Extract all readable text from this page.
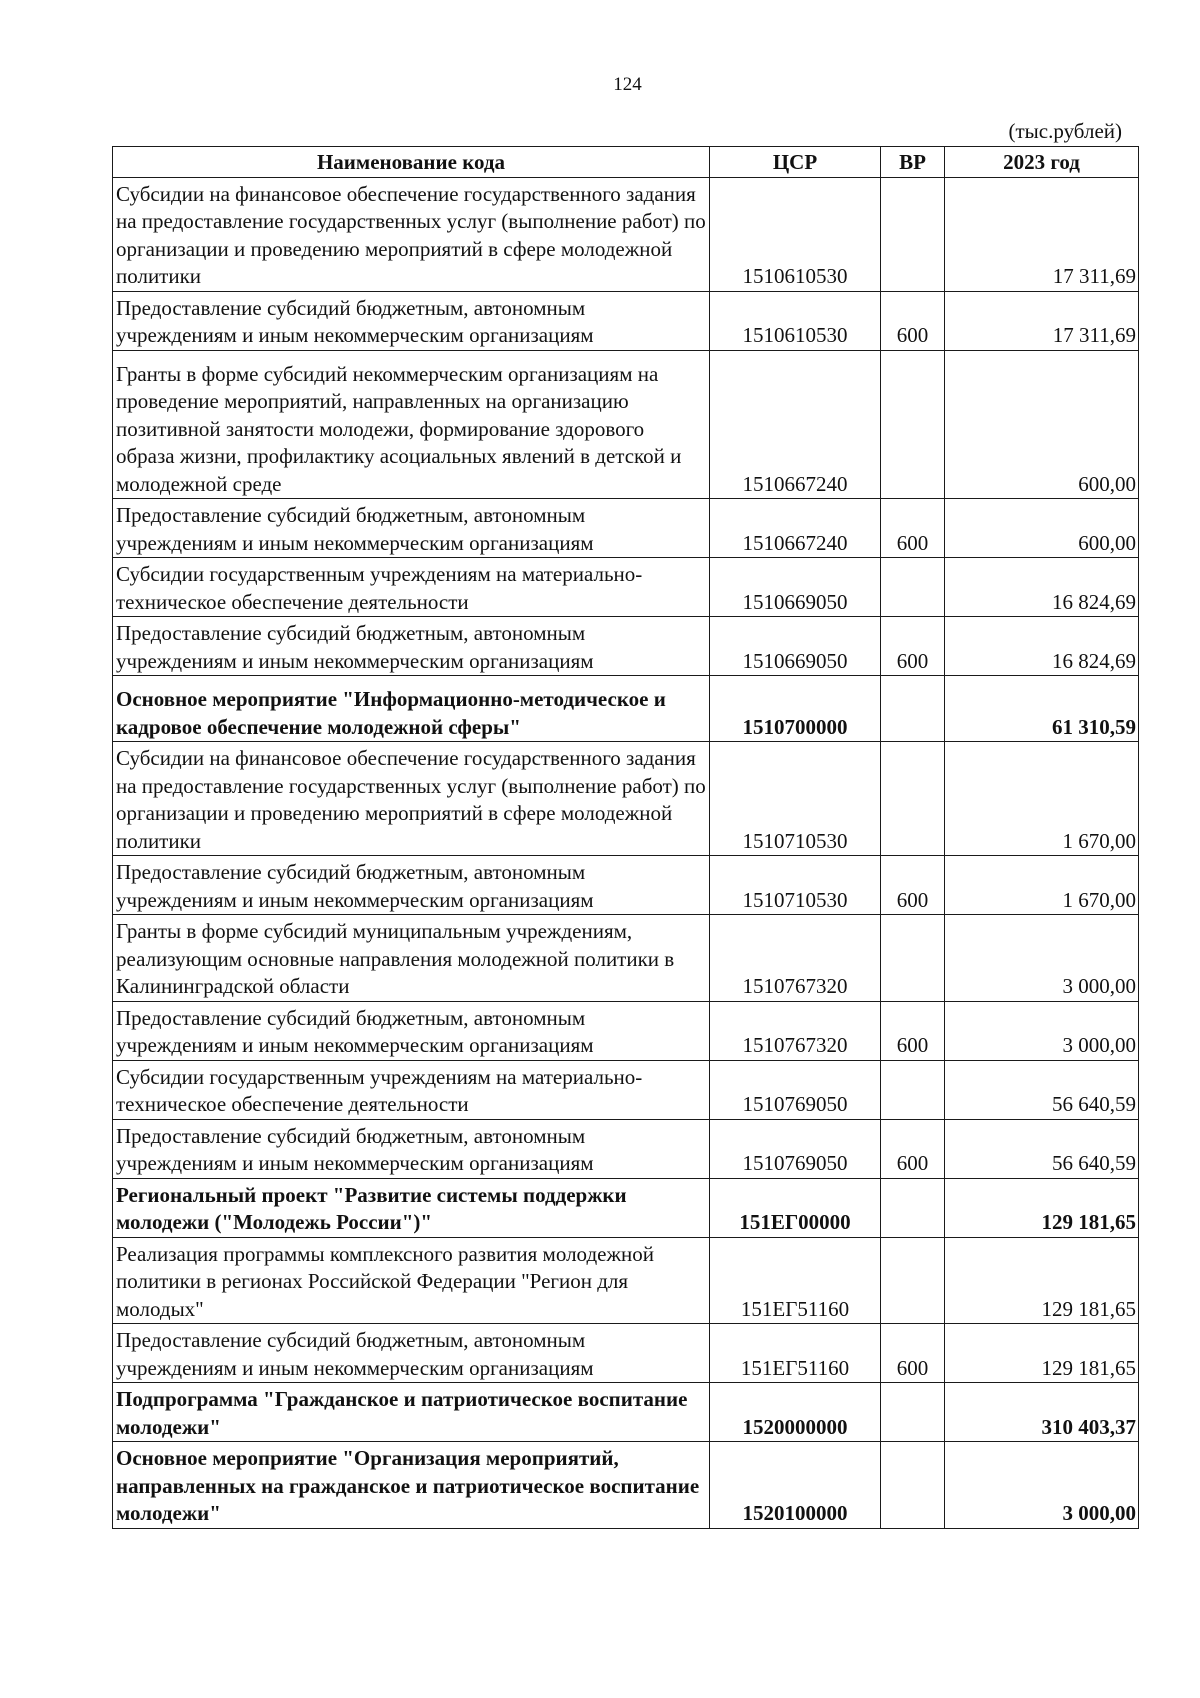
124
(тыс.рублей)
Наименование кода	ЦСР	ВР	2023 год
Субсидии на финансовое обеспечение государственного задания на предоставление государственных услуг (выполнение работ) по организации и проведению мероприятий в сфере молодежной политики	1510610530		17 311,69
Предоставление субсидий бюджетным, автономным учреждениям и иным некоммерческим организациям	1510610530	600	17 311,69
Гранты в форме субсидий некоммерческим организациям на проведение мероприятий, направленных на организацию позитивной занятости молодежи, формирование здорового образа жизни, профилактику асоциальных явлений в детской и молодежной среде	1510667240		600,00
Предоставление субсидий бюджетным, автономным учреждениям и иным некоммерческим организациям	1510667240	600	600,00
Субсидии государственным учреждениям на материально-техническое обеспечение деятельности	1510669050		16 824,69
Предоставление субсидий бюджетным, автономным учреждениям и иным некоммерческим организациям	1510669050	600	16 824,69
Основное мероприятие "Информационно-методическое и кадровое обеспечение молодежной сферы"	1510700000		61 310,59
Субсидии на финансовое обеспечение государственного задания на предоставление государственных услуг (выполнение работ) по организации и проведению мероприятий в сфере молодежной политики	1510710530		1 670,00
Предоставление субсидий бюджетным, автономным учреждениям и иным некоммерческим организациям	1510710530	600	1 670,00
Гранты в форме субсидий муниципальным учреждениям, реализующим основные направления молодежной политики в Калининградской области	1510767320		3 000,00
Предоставление субсидий бюджетным, автономным учреждениям и иным некоммерческим организациям	1510767320	600	3 000,00
Субсидии государственным учреждениям на материально-техническое обеспечение деятельности	1510769050		56 640,59
Предоставление субсидий бюджетным, автономным учреждениям и иным некоммерческим организациям	1510769050	600	56 640,59
Региональный проект "Развитие системы поддержки молодежи ("Молодежь России")"	151ЕГ00000		129 181,65
Реализация программы комплексного развития молодежной политики в регионах Российской Федерации "Регион для молодых"	151ЕГ51160		129 181,65
Предоставление субсидий бюджетным, автономным учреждениям и иным некоммерческим организациям	151ЕГ51160	600	129 181,65
Подпрограмма "Гражданское и патриотическое воспитание молодежи"	1520000000		310 403,37
Основное мероприятие "Организация мероприятий, направленных на гражданское и патриотическое воспитание молодежи"	1520100000		3 000,00
